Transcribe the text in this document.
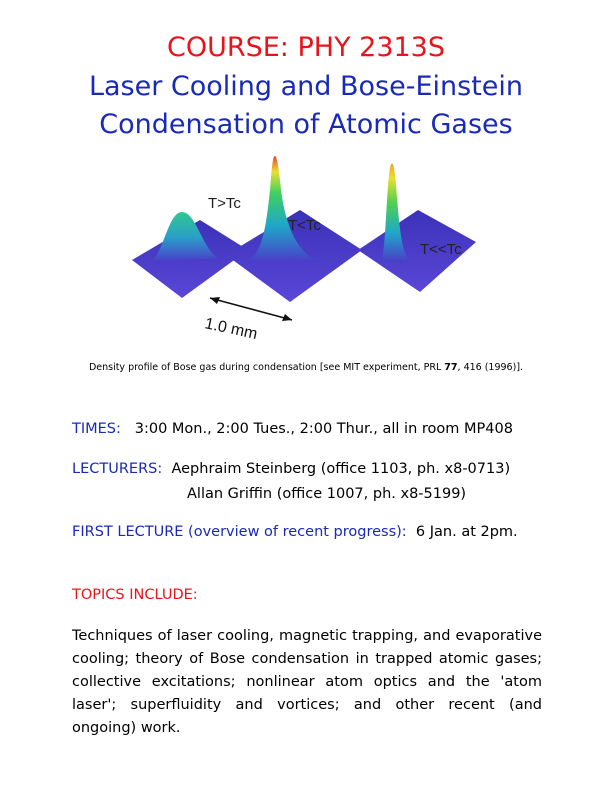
COURSE: PHY 2313S
Laser Cooling and Bose-Einstein
Condensation of Atomic Gases
T>Tc
T<Tc
T<<Tc
1.0 mm
Density profile of Bose gas during condensation [see MIT experiment, PRL 77, 416 (1996)].
TIMES: 3:00 Mon., 2:00 Tues., 2:00 Thur., all in room MP408
LECTURERS: Aephraim Steinberg (office 1103, ph. x8-0713)
Allan Griffin (office 1007, ph. x8-5199)
FIRST LECTURE (overview of recent progress): 6 Jan. at 2pm.
TOPICS INCLUDE:
Techniques of laser cooling, magnetic trapping, and evaporative cooling; theory of Bose condensation in trapped atomic gases; collective excitations; nonlinear atom optics and the 'atom laser'; superfluidity and vortices; and other recent (and ongoing) work.
